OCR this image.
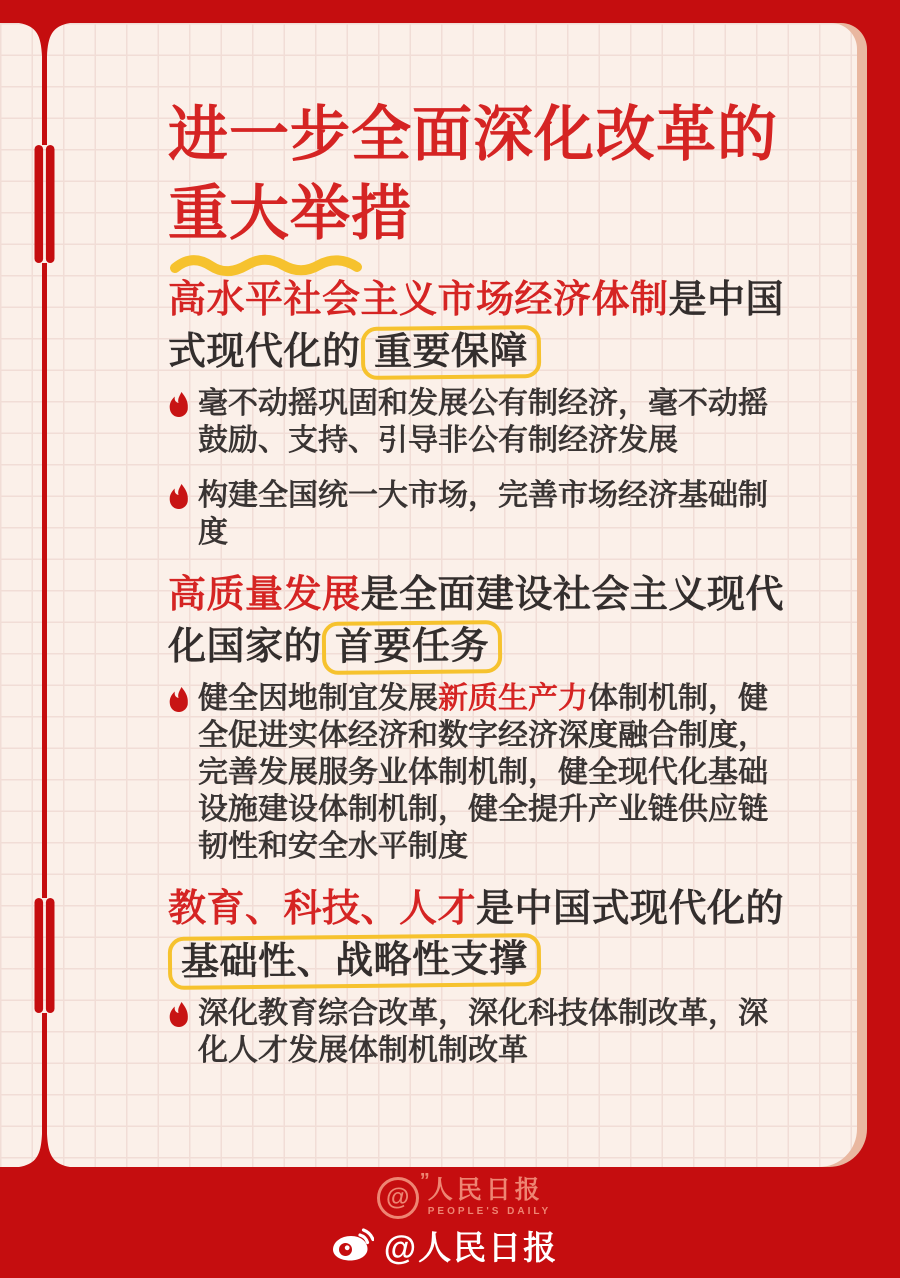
进一步全面深化改革的
重大举措
高水平社会主义市场经济体制是中国式现代化的 重要保障
毫不动摇巩固和发展公有制经济，毫不动摇鼓励、支持、引导非公有制经济发展
构建全国统一大市场，完善市场经济基础制度
高质量发展是全面建设社会主义现代化国家的 首要任务
健全因地制宜发展新质生产力体制机制，健全促进实体经济和数字经济深度融合制度，完善发展服务业体制机制，健全现代化基础设施建设体制机制，健全提升产业链供应链韧性和安全水平制度
教育、科技、人才是中国式现代化的基础性、战略性支撑
深化教育综合改革，深化科技体制改革，深化人才发展体制机制改革
@
” 人民日报
PEOPLE'S DAILY
@人民日报
